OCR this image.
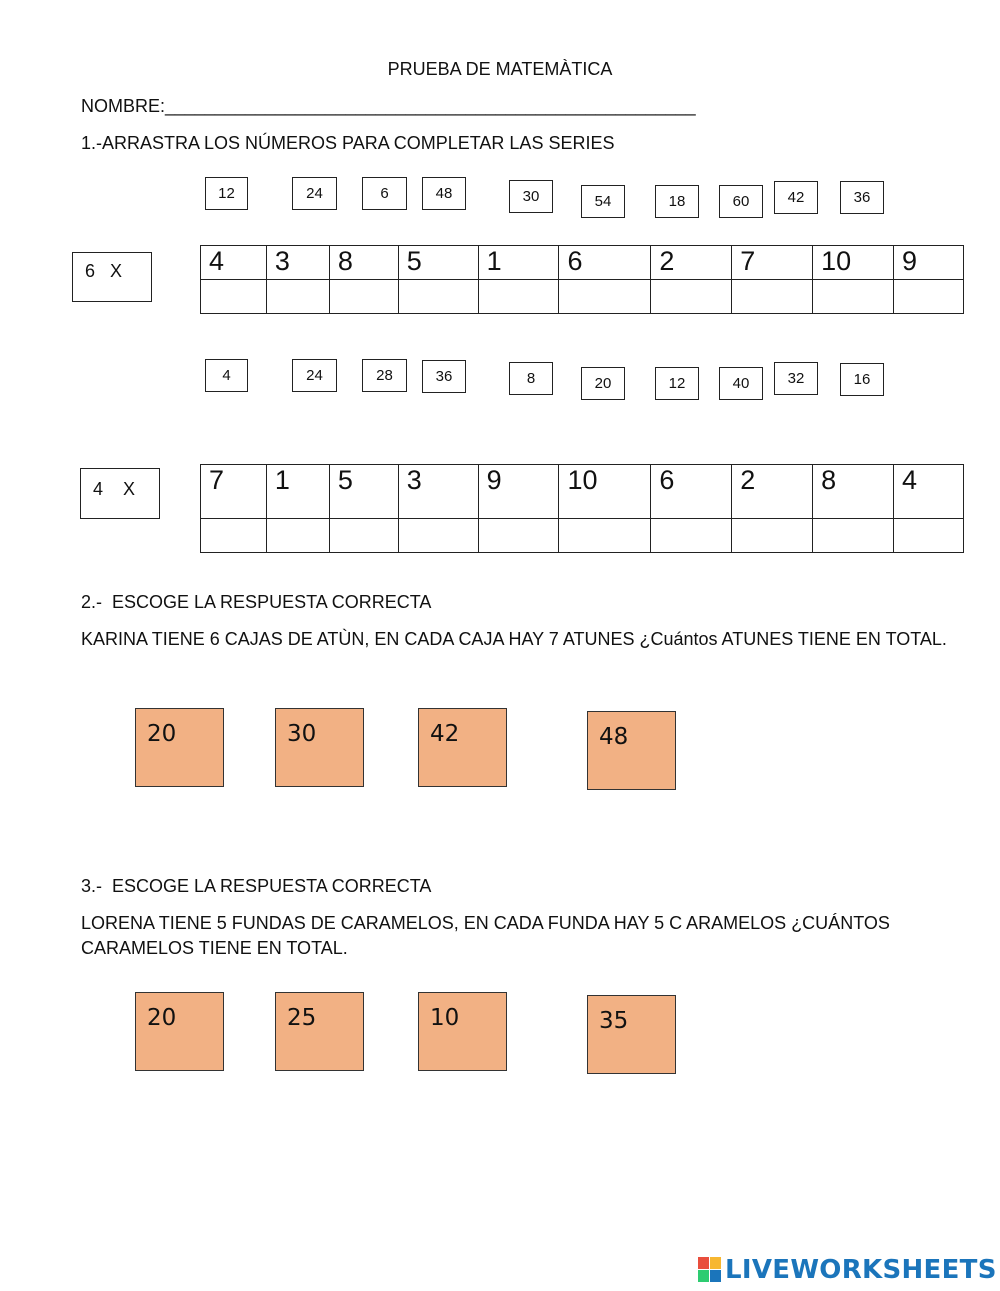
PRUEBA DE MATEMÀTICA
NOMBRE:_____________________________________________________
1.-ARRASTRA LOS NÚMEROS PARA COMPLETAR LAS SERIES
12	24	6	48	30	54	18	60	42	36
6   X	4	3	8	5	1	6	2	7	10	9

4	24	28	36	8	20	12	40	32	16
4    X	7	1	5	3	9	10	6	2	8	4

2.-  ESCOGE LA RESPUESTA CORRECTA
KARINA TIENE 6 CAJAS DE ATÙN, EN CADA CAJA HAY 7 ATUNES ¿Cuántos ATUNES TIENE EN TOTAL.
20	30	42	48
3.-  ESCOGE LA RESPUESTA CORRECTA
LORENA TIENE 5 FUNDAS DE CARAMELOS, EN CADA FUNDA HAY 5 C ARAMELOS ¿CUÁNTOS CARAMELOS TIENE EN TOTAL.
20	25	10	35
LIVEWORKSHEETS
